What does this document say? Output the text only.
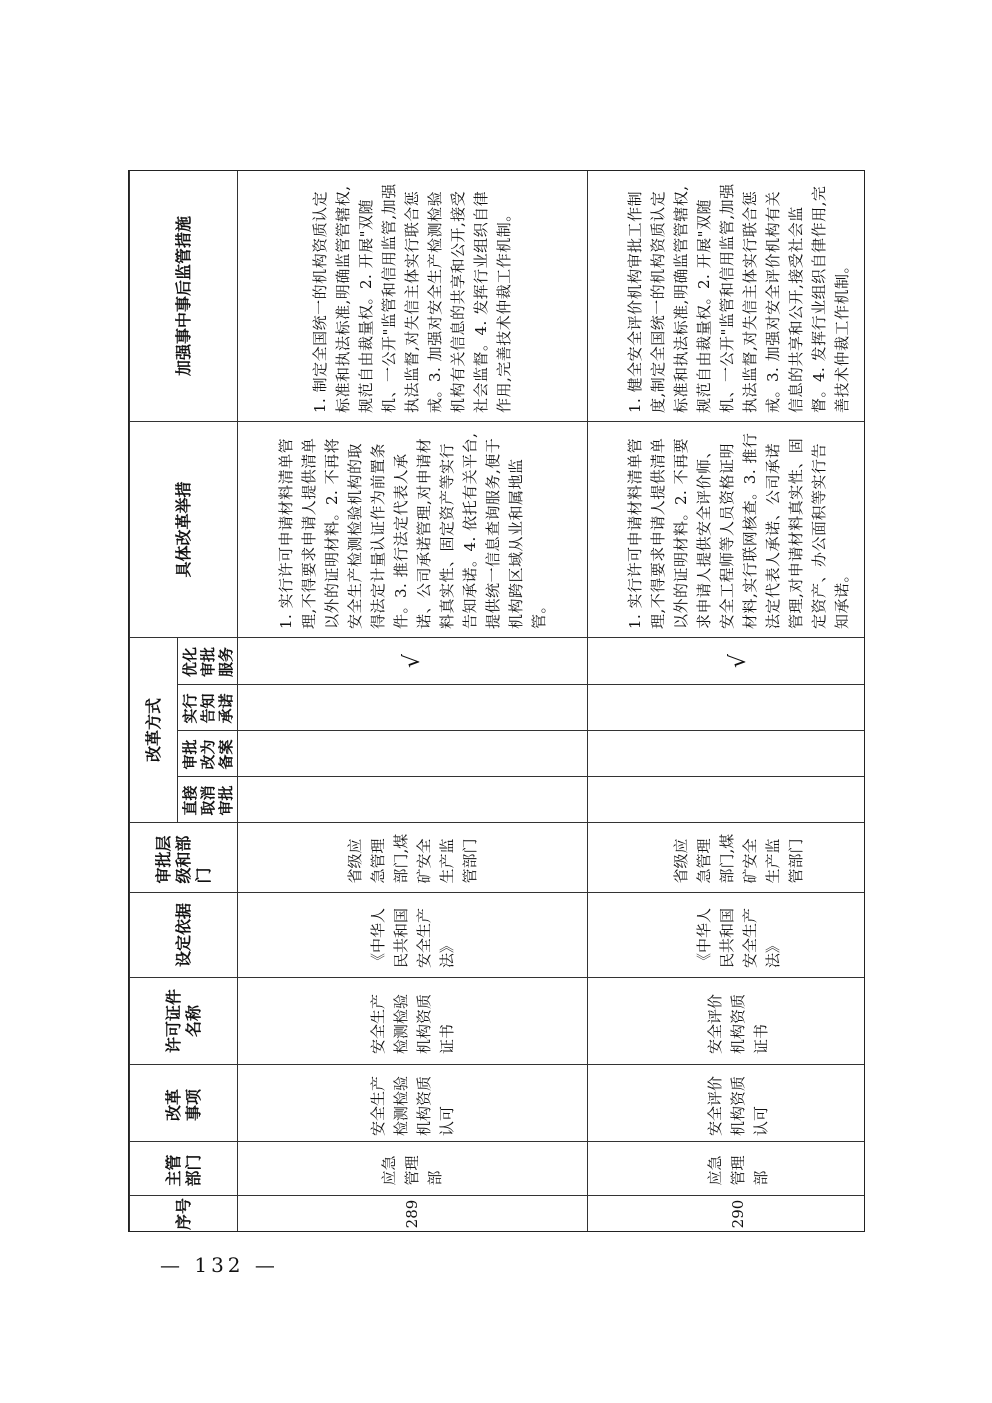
序号	主管部门	改革事项	许可证件名称	设定依据	审批层级和部门	改革方式				具体改革举措	加强事中事后监管措施
						直接取消审批	审批改为备案	实行告知承诺	优化审批服务		
289	应急管理部	安全生产检测检验机构资质认可	安全生产检测检验机构资质证书	《中华人民共和国安全生产法》	省级应急管理部门,煤矿安全生产监管部门				√	1. 实行许可申请材料清单管理,不得要求申请人提供清单以外的证明材料。2. 不再将安全生产检测检验机构的取得法定计量认证作为前置条件。3. 推行法定代表人承诺、公司承诺管理,对申请材料真实性、固定资产等实行告知承诺。4. 依托有关平台,提供统一信息查询服务,便于机构跨区域从业和属地监管。	1. 制定全国统一的机构资质认定标准和执法标准,明确监管管辖权,规范自由裁量权。2. 开展"双随机、一公开"监管和信用监管,加强执法监督,对失信主体实行联合惩戒。3. 加强对安全生产检测检验机构有关信息的共享和公开,接受社会监督。4. 发挥行业组织自律作用,完善技术仲裁工作机制。
290	应急管理部	安全评价机构资质认可	安全评价机构资质证书	《中华人民共和国安全生产法》	省级应急管理部门,煤矿安全生产监管部门				√	1. 实行许可申请材料清单管理,不得要求申请人提供清单以外的证明材料。2. 不再要求申请人提供安全评价师、安全工程师等人员资格证明材料,实行联网核查。3. 推行法定代表人承诺、公司承诺管理,对申请材料真实性、固定资产、办公面积等实行告知承诺。	1. 健全安全评价机构审批工作制度,制定全国统一的机构资质认定标准和执法标准,明确监管管辖权,规范自由裁量权。2. 开展"双随机、一公开"监管和信用监管,加强执法监督,对失信主体实行联合惩戒。3. 加强对安全评价机构有关信息的共享和公开,接受社会监督。4. 发挥行业组织自律作用,完善技术仲裁工作机制。
— 132 —
